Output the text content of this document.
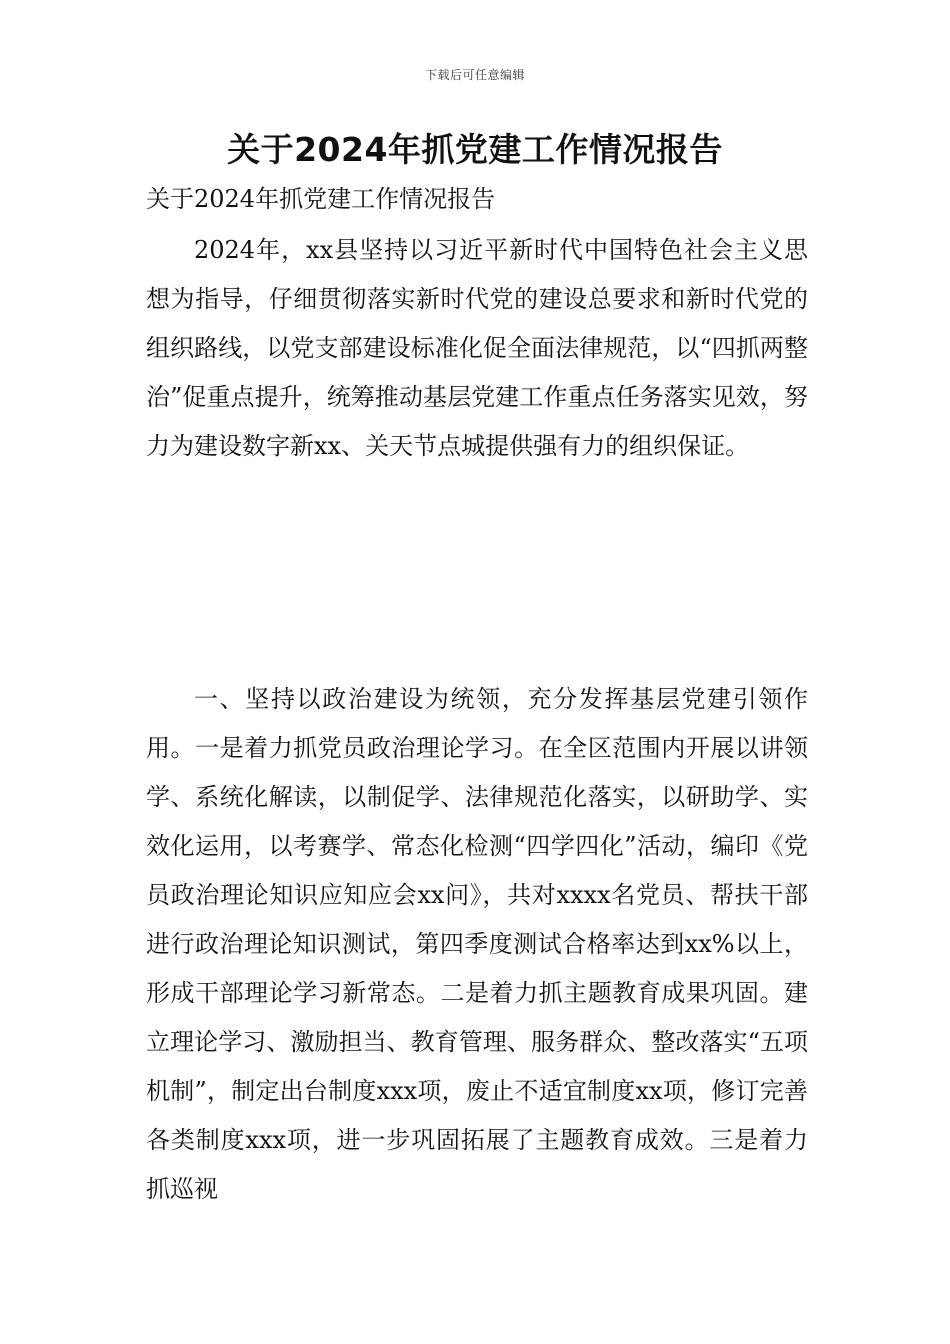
下载后可任意编辑
关于2024年抓党建工作情况报告

关于2024年抓党建工作情况报告

2024年，xx县坚持以习近平新时代中国特色社会主义思想为指导，仔细贯彻落实新时代党的建设总要求和新时代党的组织路线，以党支部建设标准化促全面法律规范，以“四抓两整治”促重点提升，统筹推动基层党建工作重点任务落实见效，努力为建设数字新xx、关天节点城提供强有力的组织保证。

一、坚持以政治建设为统领，充分发挥基层党建引领作用。一是着力抓党员政治理论学习。在全区范围内开展以讲领学、系统化解读，以制促学、法律规范化落实，以研助学、实效化运用，以考赛学、常态化检测“四学四化”活动，编印《党员政治理论知识应知应会xx问》，共对xxxx名党员、帮扶干部进行政治理论知识测试，第四季度测试合格率达到xx%以上，形成干部理论学习新常态。二是着力抓主题教育成果巩固。建立理论学习、激励担当、教育管理、服务群众、整改落实“五项机制”，制定出台制度xxx项，废止不适宜制度xx项，修订完善各类制度xxx项，进一步巩固拓展了主题教育成效。三是着力抓巡视
